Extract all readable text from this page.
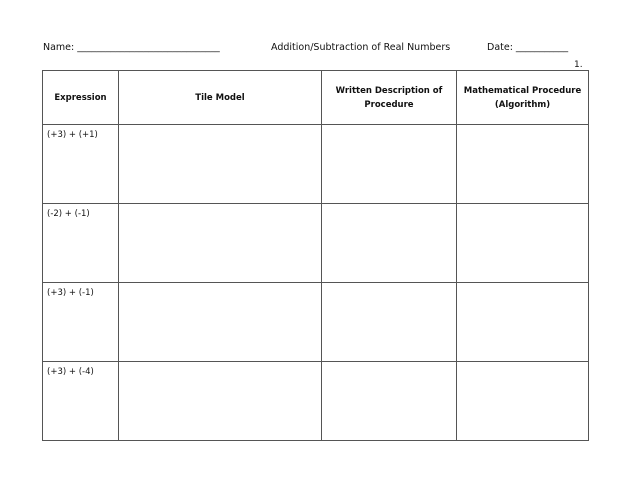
Name: ______________________________	Addition/Subtraction of Real Numbers	Date: ___________
1.
Expression	Tile Model	Written Description of Procedure	Mathematical Procedure (Algorithm)
(+3) + (+1)			
(-2) + (-1)			
(+3) + (-1)			
(+3) + (-4)			
